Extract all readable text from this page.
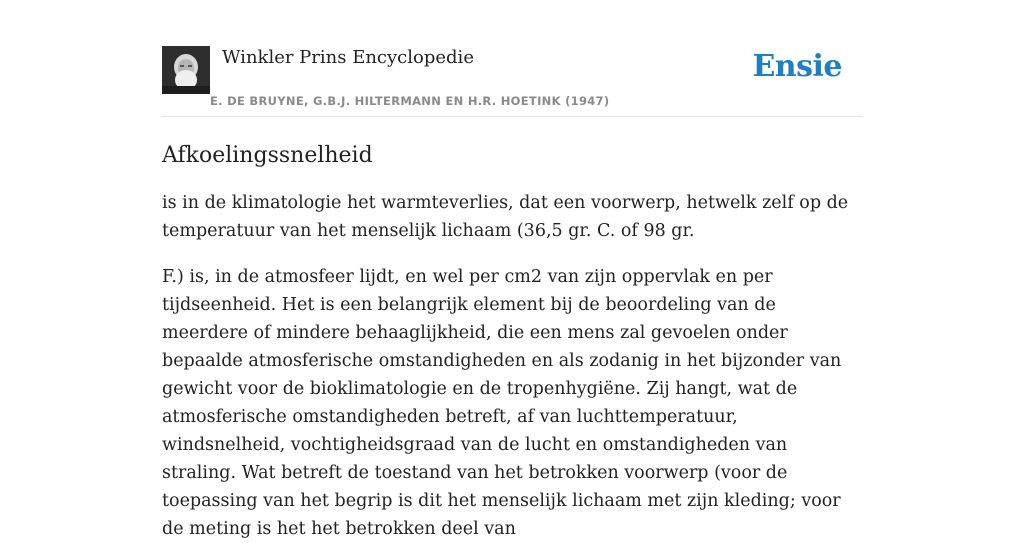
Winkler Prins Encyclopedie
E. DE BRUYNE, G.B.J. HILTERMANN EN H.R. HOETINK (1947)
Ensie
Afkoelingssnelheid

is in de klimatologie het warmteverlies, dat een voorwerp, hetwelk zelf op de temperatuur van het menselijk lichaam (36,5 gr. C. of 98 gr.

F.) is, in de atmosfeer lijdt, en wel per cm2 van zijn oppervlak en per tijdseenheid. Het is een belangrijk element bij de beoordeling van de meerdere of mindere behaaglijkheid, die een mens zal gevoelen onder bepaalde atmosferische omstandigheden en als zodanig in het bijzonder van gewicht voor de bioklimatologie en de tropenhygiëne. Zij hangt, wat de atmosferische omstandigheden betreft, af van luchttemperatuur, windsnelheid, vochtigheidsgraad van de lucht en omstandigheden van straling. Wat betreft de toestand van het betrokken voorwerp (voor de toepassing van het begrip is dit het menselijk lichaam met zijn kleding; voor de meting is het het betrokken deel van
